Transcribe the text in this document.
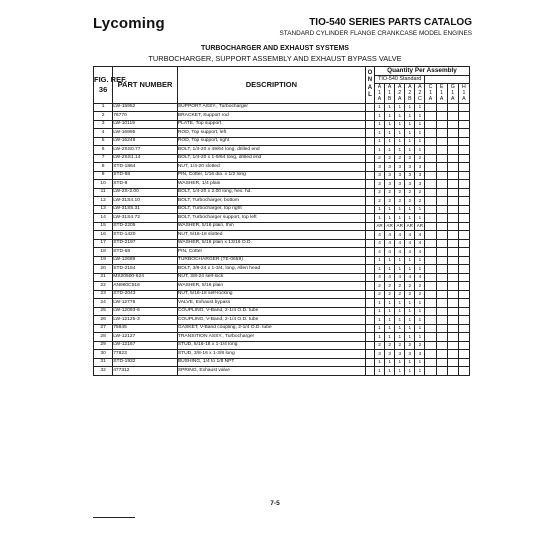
Lycoming	TIO-540 SERIES PARTS CATALOG
STANDARD CYLINDER FLANGE CRANKCASE MODEL ENGINES
TURBOCHARGER AND EXHAUST SYSTEMS
TURBOCHARGER, SUPPORT ASSEMBLY AND EXHAUST BYPASS VALVE
FIG. REF.
36	PART NUMBER	DESCRIPTION	O N A L	Quantity Per Assembly								
				TIO-540 Standard								
				A 1 A	A 1 B	A 2 A	A 2 B	A 2 C	C 1 A	E 1 A	G 1 A	H 1 A
1	LW-15952	SUPPORT ASSY., Turbocharger		1	1	1	1	1				
2	76770	BRACKET, Support rod		1	1	1	1	1				
3	LW-10119	PLATE, Top support		1	1	1	1	1				
4	LW-16995	ROD, Top support, left		1	1	1	1	1				
5	LW-16248	ROD, Top support, right		1	1	1	1	1				
6	LW-2SS0.77	BOLT, 1/4-20 x 49/64 long, drilled end		1	1	1	1	1				
7	LW-2SS1.14	BOLT, 1/4-20 x 1-9/64 long, drilled end		2	2	2	2	2				
8	STD-1864	NUT, 1/4-20 slotted		3	3	3	3	3				
9	STD-68	PIN, Cotter, 1/16 dia. x 1/2 long		3	3	3	3	3				
10	STD-8	WASHER, 1/4 plain		3	3	3	3	3				
11	LW-2S-2.00	BOLT, 1/4-20 x 2.00 long, hex. hd.		2	2	2	2	2				
12	LW-31S4.10	BOLT, Turbocharger, bottom		2	2	2	2	2				
13	LW-31S5.31	BOLT, Turbocharger, top right		1	1	1	1	1				
14	LW-31S4.72	BOLT, Turbocharger support, top left		1	1	1	1	1				
15	STD-2205	WASHER, 5/16 plain, thin		AR	AR	AR	AR	AR				
16	STD-1420	NUT, 5/16-18 slotted		4	4	4	4	4				
17	STD-2197	WASHER, 5/16 plain x 13/16 O.D.		4	4	4	4	4				
18	STD-68	PIN, Cotter		4	4	4	4	4				
19	LW-12689	TURBOCHARGER (TE-0659)		1	1	1	1	1				
20	STD-2154	BOLT, 3/8-24 x 1-3/4, long, Allen head		1	1	1	1	1				
21	MS20500-624	NUT, 3/8-24 self-lock		4	4	4	4	4				
22	AN960C516	WASHER, 5/16 plain		2	2	2	2	2				
23	STD-2043	NUT, 5/16-18 self-locking		2	2	2	2	2				
24	LW-12776	VALVE, Exhaust bypass		1	1	1	1	1				
25	LW-12093-6	COUPLING, V-Band, 2-1/4 O.D. tube		1	1	1	1	1				
26	LW-12125-3	COUPLING, V-Band, 2-1/4 O.D. tube		1	1	1	1	1				
27	75845	GASKET, V-Band coupling, 2-1/4 O.D. tube		1	1	1	1	1				
28	LW-12127	TRANSITION ASSY., Turbocharger		1	1	1	1	1				
29	LW-12167	STUD, 5/16-18 x 1-1/4 long		2	2	2	2	2				
30	77823	STUD, 3/8-16 x 1-3/8 long		3	3	3	3	3				
31	STD-1932	BUSHING, 1/4 to 1/8 NPT		1	1	1	1	1				
32	477312	SPRING, Exhaust valve		1	1	1	1	1				
7-5
